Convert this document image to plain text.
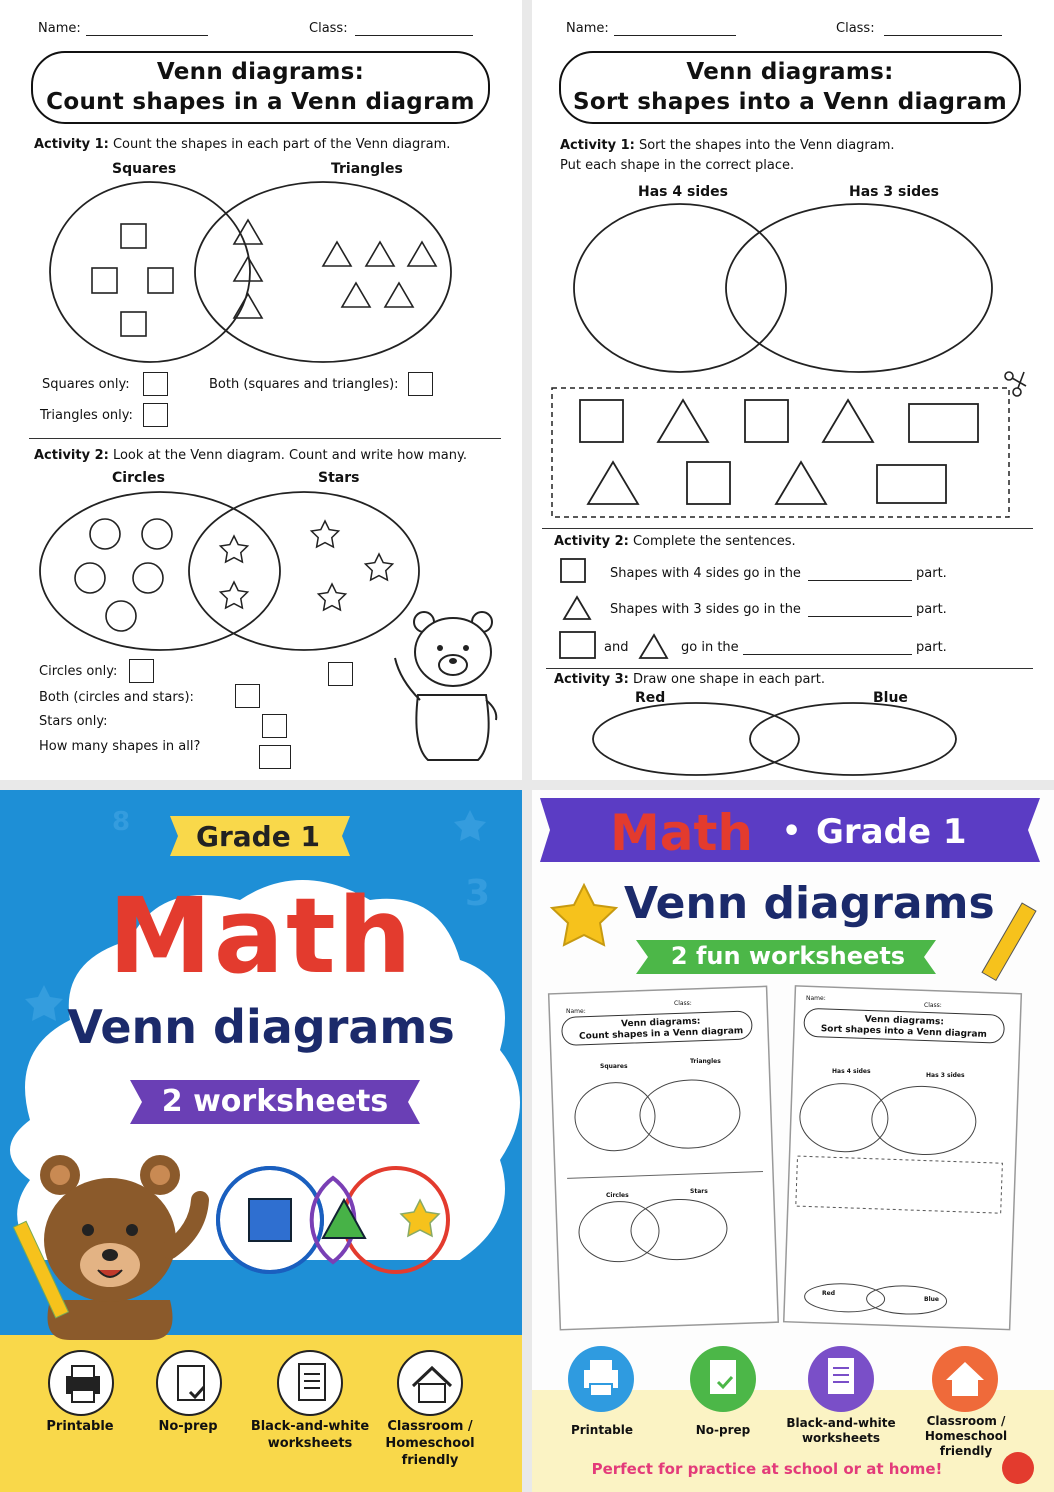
Name:	Class:
Venn diagrams:
Count shapes in a Venn diagram
Activity 1: Count the shapes in each part of the Venn diagram.
Squares	Triangles
Squares only:	Both (squares and triangles):
Triangles only:
Activity 2: Look at the Venn diagram. Count and write how many.
Circles	Stars
Circles only:
Both (circles and stars):
Stars only:
How many shapes in all?
Name:	Class:
Venn diagrams:
Sort shapes into a Venn diagram
Activity 1: Sort the shapes into the Venn diagram.
Put each shape in the correct place.
Has 4 sides	Has 3 sides
Activity 2: Complete the sentences.
Shapes with 4 sides go in the	part.
Shapes with 3 sides go in the	part.
and	go in the	part.
Activity 3: Draw one shape in each part.
Red	Blue
8
3
Grade 1
Math
Venn diagrams
2 worksheets
Printable	No-prep	Black-and-white worksheets
Classroom / Homeschool friendly
Math • Grade 1
Venn diagrams
2 fun worksheets
Name:
Class:
Venn diagrams:
Count shapes in a Venn diagram
Squares
Triangles
Circles
Stars
Name:
Class:
Venn diagrams:
Sort shapes into a Venn diagram
Has 4 sides
Has 3 sides
Red
Blue
Printable	No-prep	Black-and-white worksheets
Classroom / Homeschool friendly
Perfect for practice at school or at home!
